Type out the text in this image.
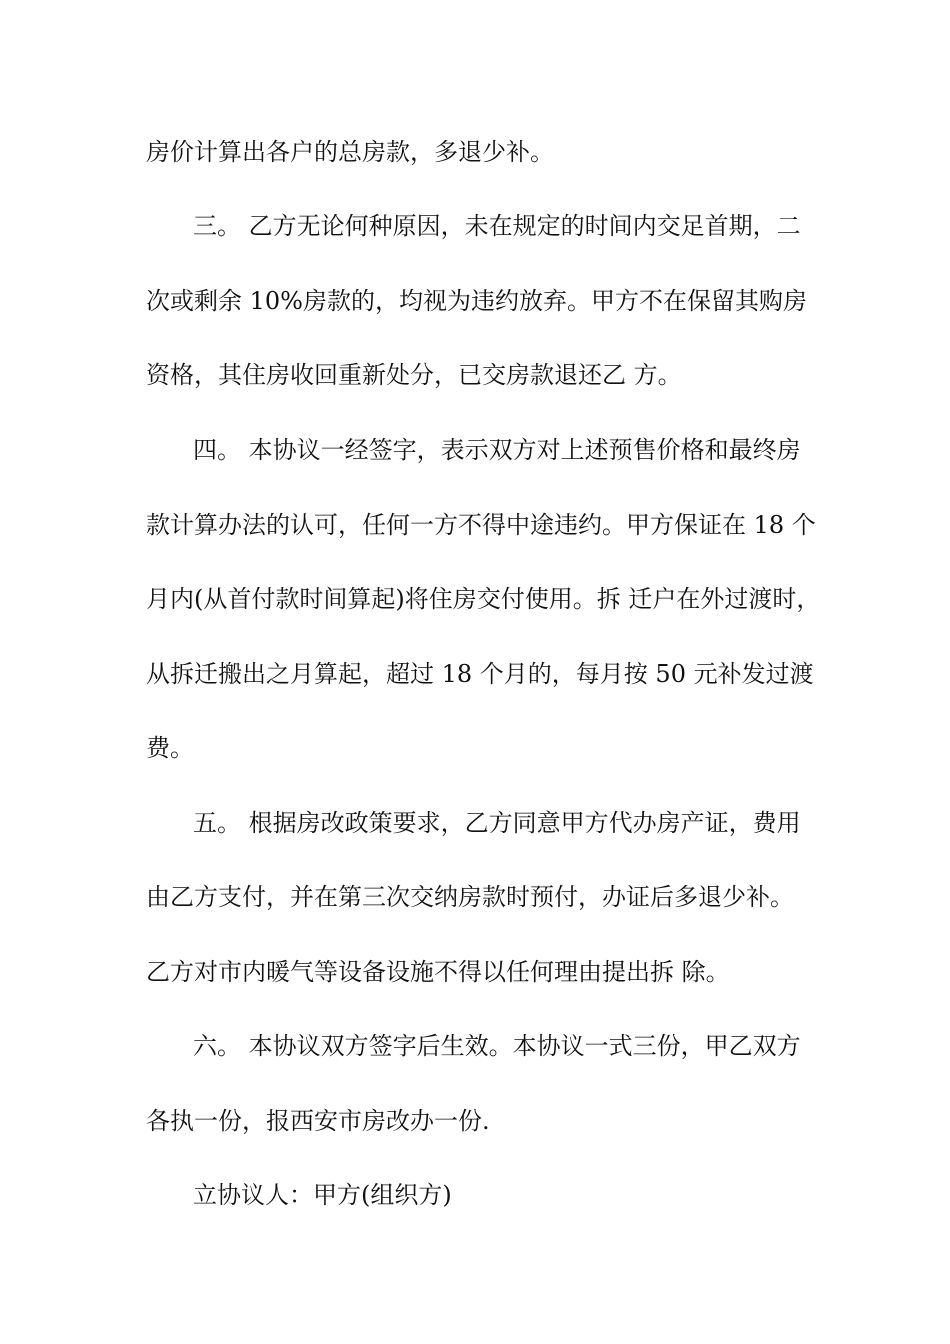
房价计算出各户的总房款，多退少补。
三。 乙方无论何种原因，未在规定的时间内交足首期，二
次或剩余 10%房款的，均视为违约放弃。甲方不在保留其购房
资格，其住房收回重新处分，已交房款退还乙 方。
四。 本协议一经签字，表示双方对上述预售价格和最终房
款计算办法的认可，任何一方不得中途违约。甲方保证在 18 个
月内(从首付款时间算起)将住房交付使用。拆 迁户在外过渡时，
从拆迁搬出之月算起，超过 18 个月的，每月按 50 元补发过渡
费。
五。 根据房改政策要求，乙方同意甲方代办房产证，费用
由乙方支付，并在第三次交纳房款时预付，办证后多退少补。
乙方对市内暖气等设备设施不得以任何理由提出拆 除。
六。 本协议双方签字后生效。本协议一式三份，甲乙双方
各执一份，报西安市房改办一份.
立协议人：甲方(组织方)
